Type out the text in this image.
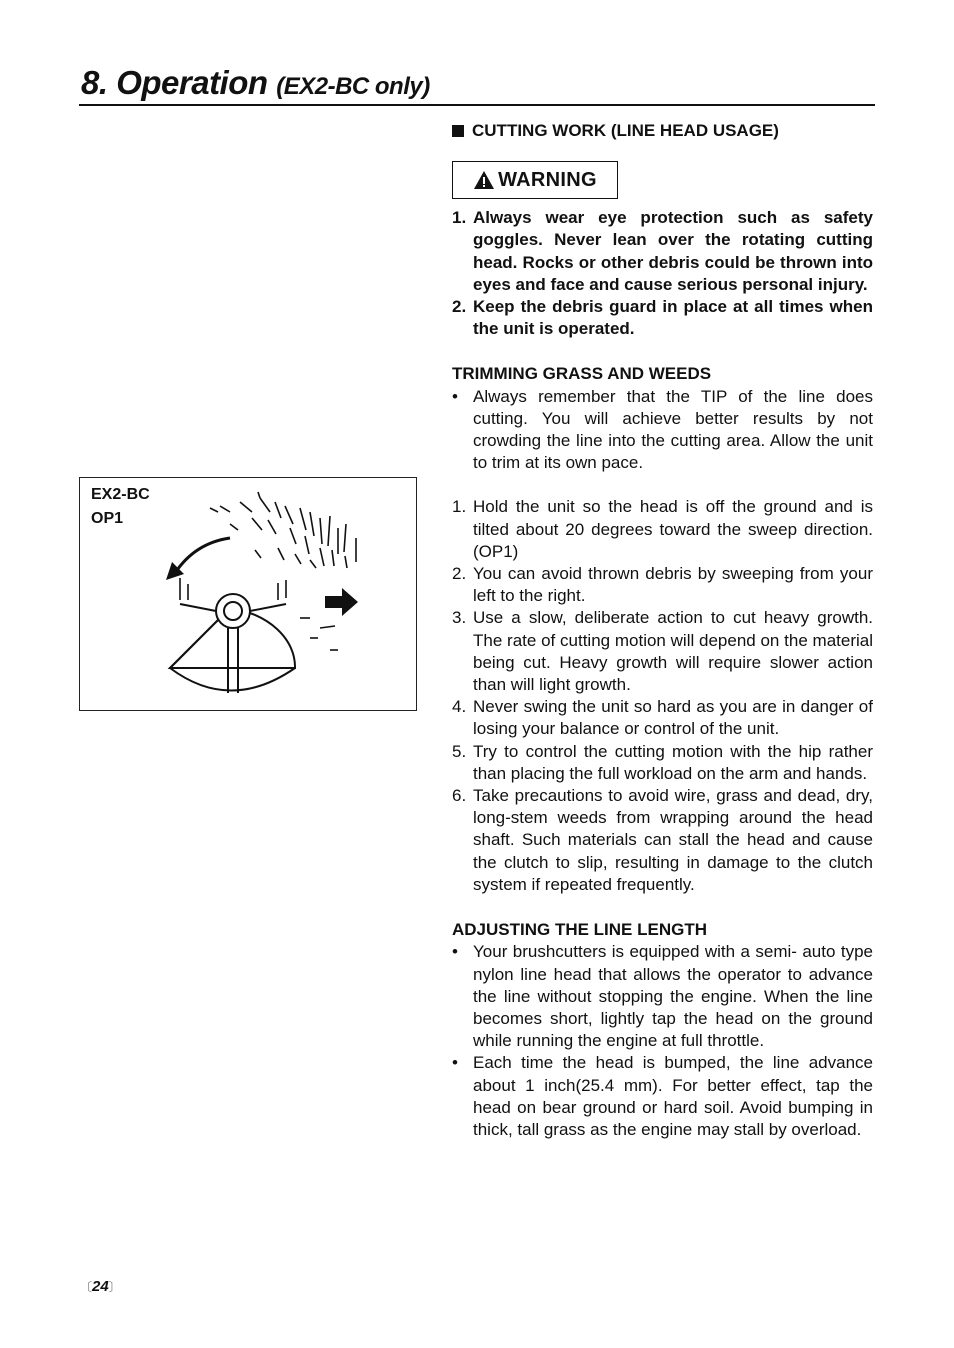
8. Operation (EX2-BC only)
EX2-BC
OP1

CUTTING WORK (LINE HEAD USAGE)

WARNING
1. Always wear eye protection such as safety goggles. Never lean over the rotating cutting head. Rocks or other debris could be thrown into eyes and face and cause serious personal injury.
2. Keep the debris guard in place at all times when the unit is operated.

TRIMMING GRASS AND WEEDS

• Always remember that the TIP of the line does cutting. You will achieve better results by not crowding the line into the cutting area. Allow the unit to trim at its own pace.
1. Hold the unit so the head is off the ground and is tilted about 20 degrees toward the sweep direction. (OP1)
2. You can avoid thrown debris by sweeping from your left to the right.
3. Use a slow, deliberate action to cut heavy growth. The rate of cutting motion will depend on the material being cut. Heavy growth will require slower action than will light growth.
4. Never swing the unit so hard as you are in danger of losing your balance or control of the unit.
5. Try to control the cutting motion with the hip rather than placing the full workload on the arm and hands.
6. Take precautions to avoid wire, grass and dead, dry, long-stem weeds from wrapping around the head shaft. Such materials can stall the head and cause the clutch to slip, resulting in damage to the clutch system if repeated frequently.

ADJUSTING THE LINE LENGTH

• Your brushcutters is equipped with a semi- auto type nylon line head that allows the operator to advance the line without stopping the engine. When the line becomes short, lightly tap the head on the ground while running the engine at full throttle.
• Each time the head is bumped, the line advance about 1 inch(25.4 mm). For better effect, tap the head on bear ground or hard soil. Avoid bumping in thick, tall grass as the engine may stall by overload.
〔24〕
